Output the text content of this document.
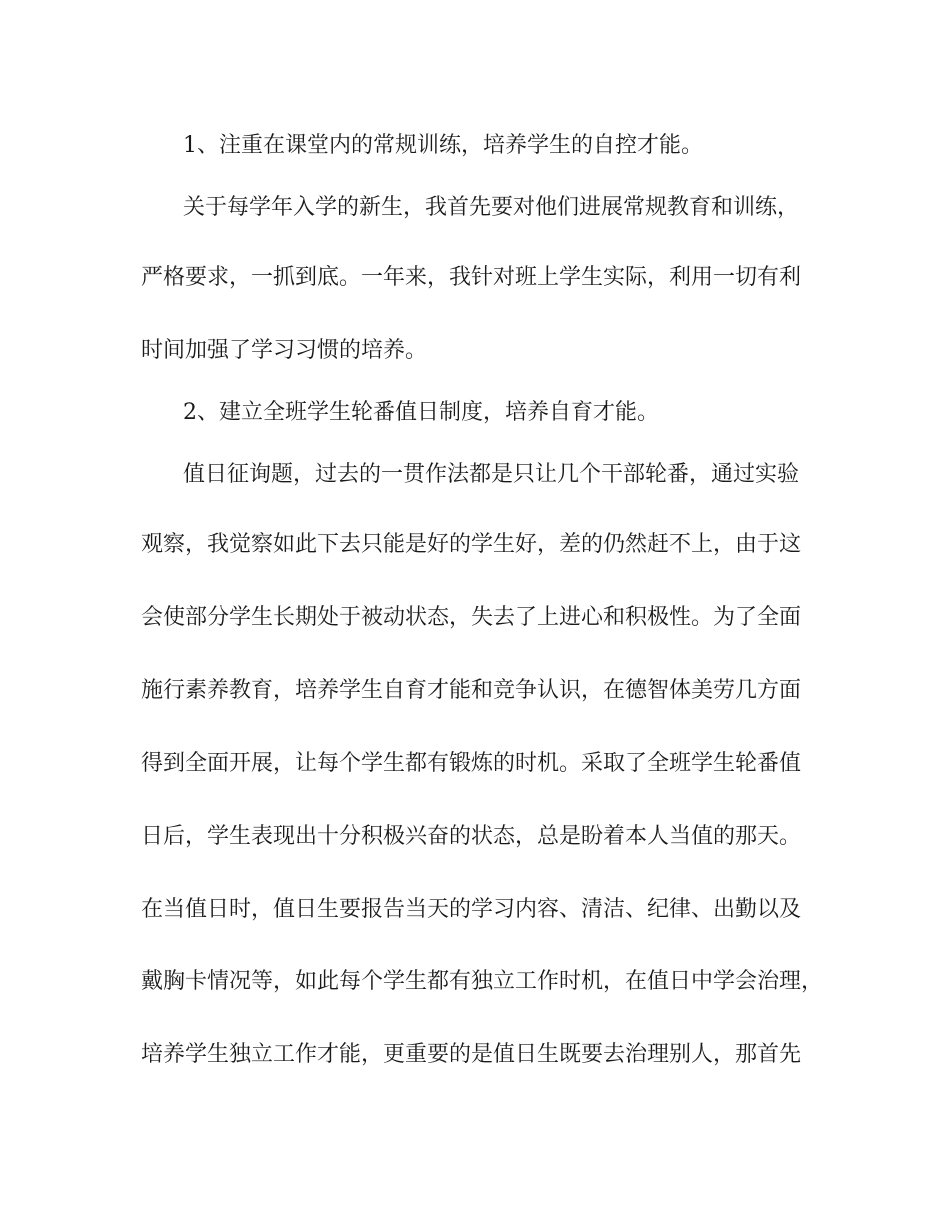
1、注重在课堂内的常规训练，培养学生的自控才能。

关于每学年入学的新生，我首先要对他们进展常规教育和训练，

严格要求，一抓到底。一年来，我针对班上学生实际，利用一切有利

时间加强了学习习惯的培养。

2、建立全班学生轮番值日制度，培养自育才能。

值日征询题，过去的一贯作法都是只让几个干部轮番，通过实验

观察，我觉察如此下去只能是好的学生好，差的仍然赶不上，由于这

会使部分学生长期处于被动状态，失去了上进心和积极性。为了全面

施行素养教育，培养学生自育才能和竞争认识，在德智体美劳几方面

得到全面开展，让每个学生都有锻炼的时机。采取了全班学生轮番值

日后，学生表现出十分积极兴奋的状态，总是盼着本人当值的那天。

在当值日时，值日生要报告当天的学习内容、清洁、纪律、出勤以及

戴胸卡情况等，如此每个学生都有独立工作时机，在值日中学会治理，

培养学生独立工作才能，更重要的是值日生既要去治理别人，那首先
